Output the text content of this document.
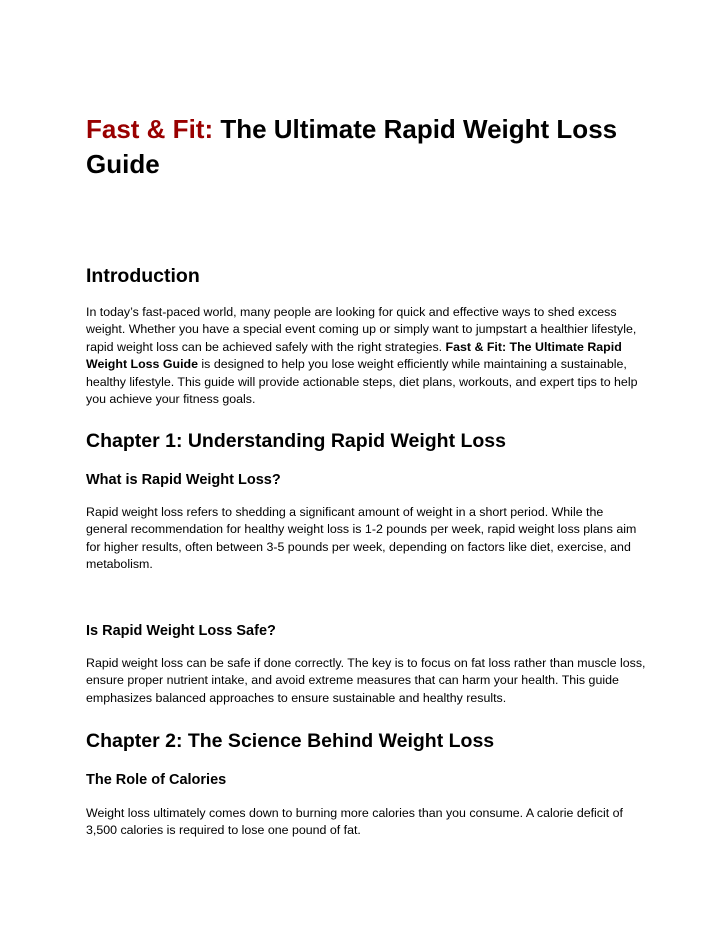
Fast & Fit: The Ultimate Rapid Weight Loss Guide
Introduction

In today’s fast-paced world, many people are looking for quick and effective ways to shed excess weight. Whether you have a special event coming up or simply want to jumpstart a healthier lifestyle, rapid weight loss can be achieved safely with the right strategies. Fast & Fit: The Ultimate Rapid Weight Loss Guide is designed to help you lose weight efficiently while maintaining a sustainable, healthy lifestyle. This guide will provide actionable steps, diet plans, workouts, and expert tips to help you achieve your fitness goals.

Chapter 1: Understanding Rapid Weight Loss
What is Rapid Weight Loss?

Rapid weight loss refers to shedding a significant amount of weight in a short period. While the general recommendation for healthy weight loss is 1-2 pounds per week, rapid weight loss plans aim for higher results, often between 3-5 pounds per week, depending on factors like diet, exercise, and metabolism.

Is Rapid Weight Loss Safe?

Rapid weight loss can be safe if done correctly. The key is to focus on fat loss rather than muscle loss, ensure proper nutrient intake, and avoid extreme measures that can harm your health. This guide emphasizes balanced approaches to ensure sustainable and healthy results.

Chapter 2: The Science Behind Weight Loss
The Role of Calories

Weight loss ultimately comes down to burning more calories than you consume. A calorie deficit of 3,500 calories is required to lose one pound of fat.
